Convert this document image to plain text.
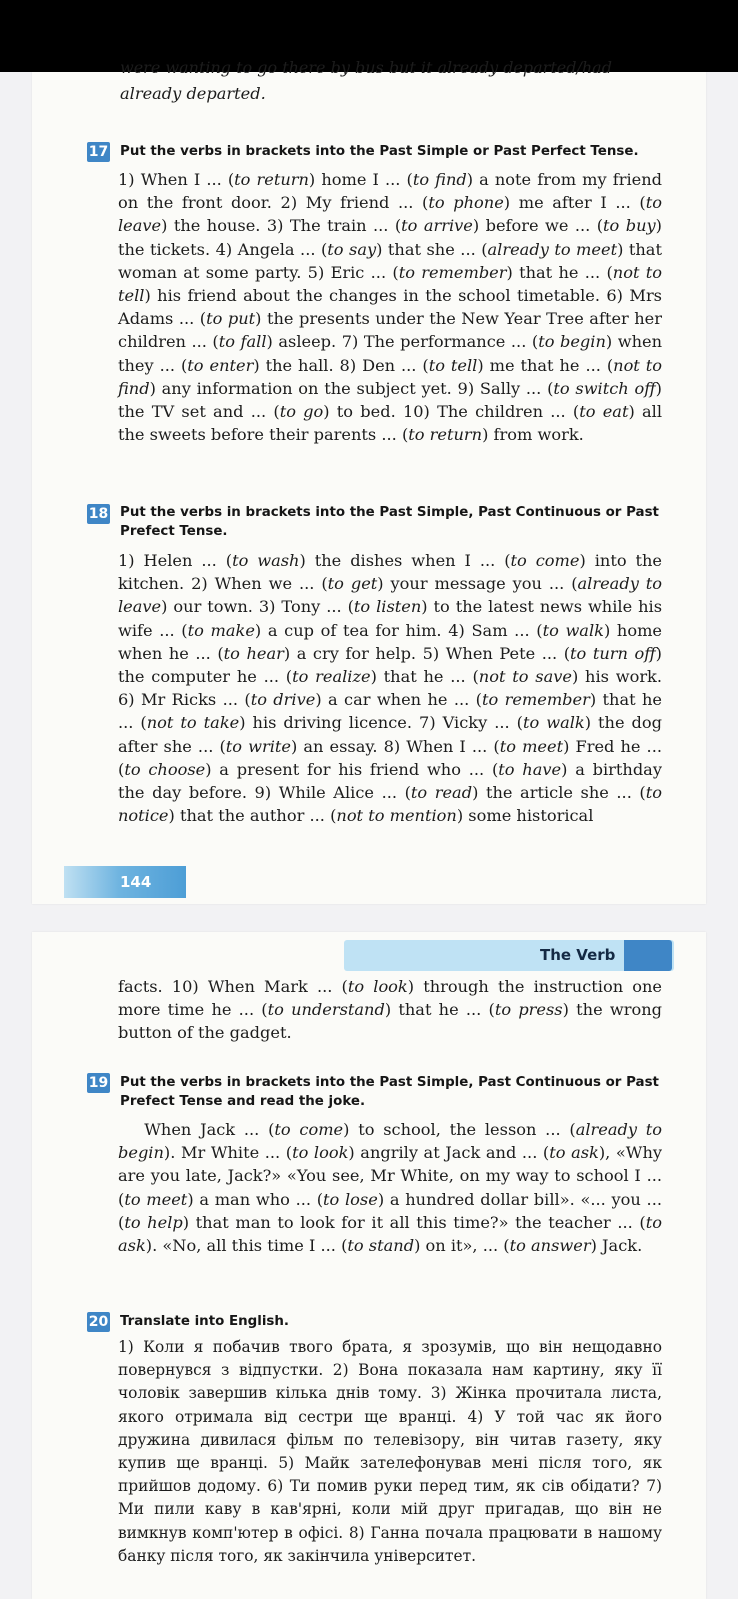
were wanting to go there by bus but it already departed/had

already departed.

17 Put the verbs in brackets into the Past Simple or Past Perfect Tense.

1) When I ... (to return) home I ... (to find) a note from my friend on the front door. 2) My friend ... (to phone) me after I ... (to leave) the house. 3) The train ... (to arrive) before we ... (to buy) the tickets. 4) Angela ... (to say) that she ... (already to meet) that woman at some party. 5) Eric ... (to remember) that he ... (not to tell) his friend about the changes in the school timetable. 6) Mrs Adams ... (to put) the presents under the New Year Tree after her children ... (to fall) asleep. 7) The performance ... (to begin) when they ... (to enter) the hall. 8) Den ... (to tell) me that he ... (not to find) any information on the subject yet. 9) Sally ... (to switch off) the TV set and ... (to go) to bed. 10) The children ... (to eat) all the sweets before their parents ... (to return) from work.

18 Put the verbs in brackets into the Past Simple, Past Continuous or Past Prefect Tense.

1) Helen ... (to wash) the dishes when I ... (to come) into the kitchen. 2) When we ... (to get) your message you ... (already to leave) our town. 3) Tony ... (to listen) to the latest news while his wife ... (to make) a cup of tea for him. 4) Sam ... (to walk) home when he ... (to hear) a cry for help. 5) When Pete ... (to turn off) the computer he ... (to realize) that he ... (not to save) his work. 6) Mr Ricks ... (to drive) a car when he ... (to remember) that he ... (not to take) his driving licence. 7) Vicky ... (to walk) the dog after she ... (to write) an essay. 8) When I ... (to meet) Fred he ... (to choose) a present for his friend who ... (to have) a birthday the day before. 9) While Alice ... (to read) the article she ... (to notice) that the author ... (not to mention) some historical

144
The Verb

facts. 10) When Mark ... (to look) through the instruction one more time he ... (to understand) that he ... (to press) the wrong button of the gadget.

19 Put the verbs in brackets into the Past Simple, Past Continuous or Past Prefect Tense and read the joke.

When Jack ... (to come) to school, the lesson ... (already to begin). Mr White ... (to look) angrily at Jack and ... (to ask), «Why are you late, Jack?» «You see, Mr White, on my way to school I ... (to meet) a man who ... (to lose) a hundred dollar bill». «... you ... (to help) that man to look for it all this time?» the teacher ... (to ask). «No, all this time I ... (to stand) on it», ... (to answer) Jack.

20 Translate into English.

1) Коли я побачив твого брата, я зрозумів, що він нещодавно повернувся з відпустки. 2) Вона показала нам картину, яку її чоловік завершив кілька днів тому. 3) Жінка прочитала листа, якого отримала від сестри ще вранці. 4) У той час як його дружина дивилася фільм по телевізору, він читав газету, яку купив ще вранці. 5) Майк зателефонував мені після того, як прийшов додому. 6) Ти помив руки перед тим, як сів обідати? 7) Ми пили каву в кав'ярні, коли мій друг пригадав, що він не вимкнув комп'ютер в офісі. 8) Ганна почала працювати в нашому банку після того, як закінчила університет.
